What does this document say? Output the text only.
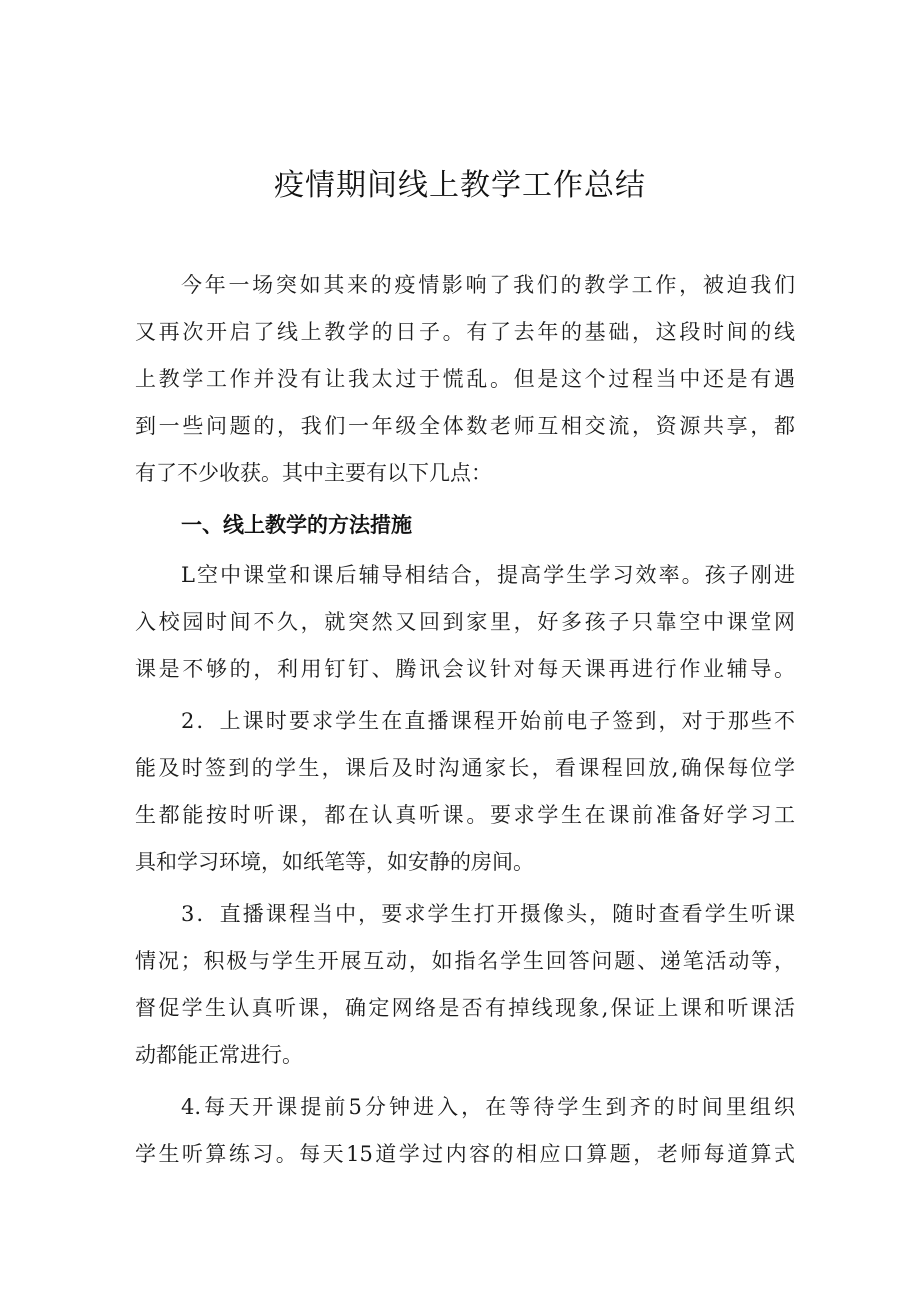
疫情期间线上教学工作总结
今年一场突如其来的疫情影响了我们的教学工作，被迫我们
又再次开启了线上教学的日子。有了去年的基础，这段时间的线
上教学工作并没有让我太过于慌乱。但是这个过程当中还是有遇
到一些问题的，我们一年级全体数老师互相交流，资源共享，都
有了不少收获。其中主要有以下几点：
一、线上教学的方法措施
L空中课堂和课后辅导相结合，提高学生学习效率。孩子刚进
入校园时间不久，就突然又回到家里，好多孩子只靠空中课堂网
课是不够的，利用钉钉、腾讯会议针对每天课再进行作业辅导。
2．上课时要求学生在直播课程开始前电子签到，对于那些不
能及时签到的学生，课后及时沟通家长，看课程回放,确保每位学
生都能按时听课，都在认真听课。要求学生在课前准备好学习工
具和学习环境，如纸笔等，如安静的房间。
3．直播课程当中，要求学生打开摄像头，随时查看学生听课
情况；积极与学生开展互动，如指名学生回答问题、递笔活动等，
督促学生认真听课，确定网络是否有掉线现象,保证上课和听课活
动都能正常进行。
4.每天开课提前5分钟进入，在等待学生到齐的时间里组织
学生听算练习。每天15道学过内容的相应口算题，老师每道算式
